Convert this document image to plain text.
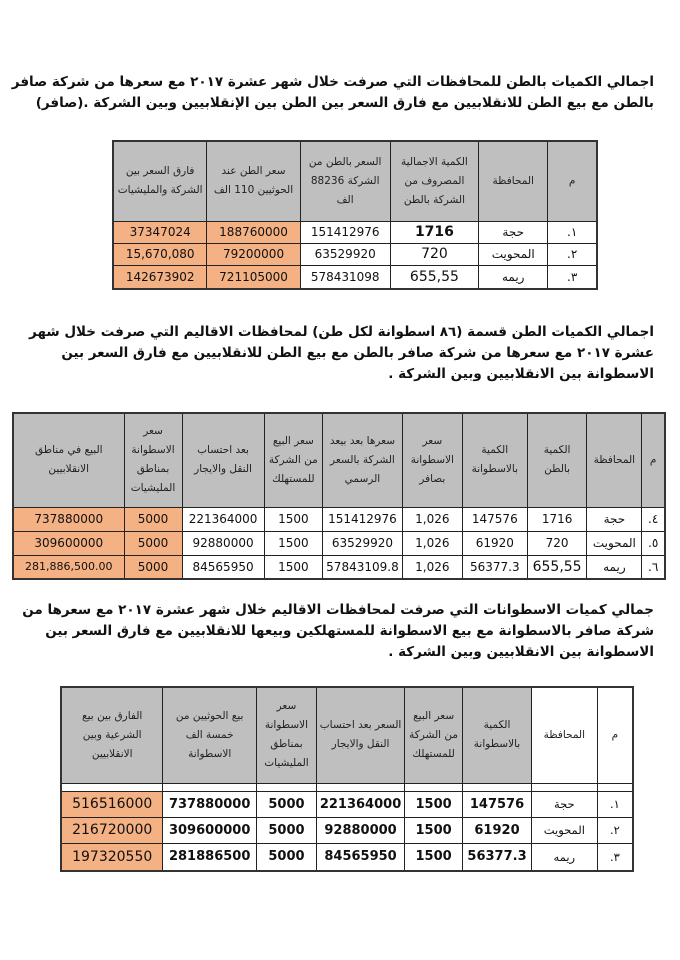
اجمالي الكميات بالطن للمحافظات التي صرفت خلال شهر عشرة ٢٠١٧ مع سعرها من شركة صافر
بالطن مع بيع الطن للانقلابيين مع فارق السعر بين الطن بين الإنقلابيين وبين الشركة .(صافر)
م	المحافظة	الكمية الاجمالية المصروف من الشركة بالطن	السعر بالطن من الشركة 88236 الف	سعر الطن عند الحوثيين 110 الف	فارق السعر بين الشركة والمليشيات
١.	حجة	1716	151412976	188760000	37347024
٢.	المحويت	720	63529920	79200000	15,670,080
٣.	ريمه	655,55	578431098	721105000	142673902
اجمالي الكميات الطن قسمة (٨٦ اسطوانة لكل طن) لمحافظات الاقاليم التي صرفت خلال شهر
عشرة ٢٠١٧ مع سعرها من شركة صافر بالطن مع بيع الطن للانقلابيين مع فارق السعر بين
الاسطوانة بين الانقلابيين وبين الشركة .
م	المحافظة	الكمية بالطن	الكمية بالاسطوانة	سعر الاسطوانة بصافر	سعرها بعد بيعد الشركة بالسعر الرسمي	سعر البيع من الشركة للمستهلك	بعد احتساب النقل والايجار	سعر الاسطوانة بمناطق المليشيات	البيع في مناطق الانقلابيين
٤.	حجة	1716	147576	1,026	151412976	1500	221364000	5000	737880000
٥.	المحويت	720	61920	1,026	63529920	1500	92880000	5000	309600000
٦.	ريمه	655,55	56377.3	1,026	57843109.8	1500	84565950	5000	281,886,500.00
جمالي كميات الاسطوانات التي صرفت لمحافظات الاقاليم خلال شهر عشرة ٢٠١٧ مع سعرها من
شركة صافر بالاسطوانة مع بيع الاسطوانة للمستهلكين وبيعها للانقلابيين مع فارق السعر بين
الاسطوانة بين الانقلابيين وبين الشركة .
م	المحافظة	الكمية بالاسطوانة	سعر البيع من الشركة للمستهلك	السعر بعد احتساب النقل والايجار	سعر الاسطوانة بمناطق المليشيات	بيع الحوثيين من خمسة الف الاسطوانة	الفارق بين بيع الشرعية وبين الانقلابيين

١.	حجة	147576	1500	221364000	5000	737880000	516516000
٢.	المحويت	61920	1500	92880000	5000	309600000	216720000
٣.	ريمه	56377.3	1500	84565950	5000	281886500	197320550
